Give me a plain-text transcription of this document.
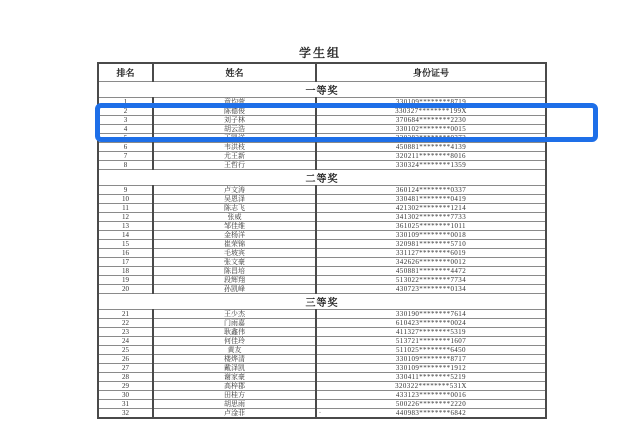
学生组
排名	姓名	身份证号
一等奖		
1	章均萱	330109********8719
2	陈德俊	330327********199X
3	刘子林	370684********2230
4	胡云浩	330102********0015
5	王凯洋	320282********0372
6	韦洪枝	450881********4139
7	尤王新	320211********8016
8	王哲行	330324********1359
二等奖		
9	卢文涛	360124********0337
10	吴恩泽	330481********0419
11	陈志飞	421302********1214
12	张威	341302********7733
13	邹佳维	361025********1011
14	金杨洋	330109********0018
15	崔荣锦	320981********5710
16	毛坡宾	331127********6019
17	张文豪	342626********0012
18	陈昌培	450881********4472
19	段辉翔	513022********7734
20	孙凯峰	430723********0134
三等奖		
21	王少杰	330190********7614
22	门雨嘉	610423********0024
23	耿鑫伟	411327********5319
24	何佳玲	513721********1607
25	黄友	511025********6450
26	楼烨清	330109********8717
27	戴泽凯	330109********1912
28	谢家豪	330411********5219
29	高梓郡	320322********531X
30	田桂方	433123********0016
31	胡思雨	500226********2220
32	卢淦菲	440983********6842
.
